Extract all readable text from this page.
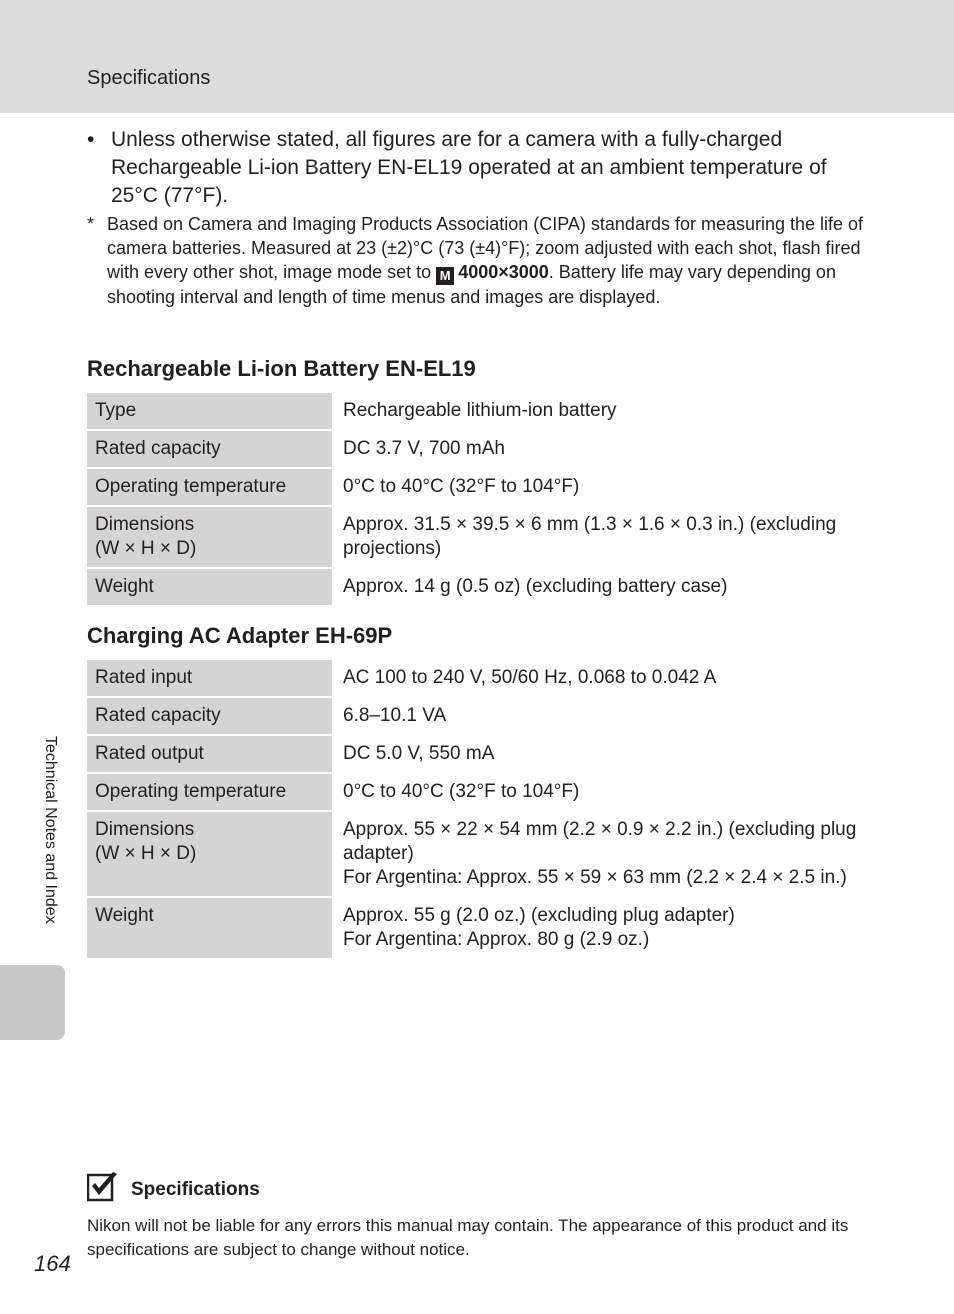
Specifications
• Unless otherwise stated, all figures are for a camera with a fully-charged Rechargeable Li-ion Battery EN-EL19 operated at an ambient temperature of 25°C (77°F).
* Based on Camera and Imaging Products Association (CIPA) standards for measuring the life of camera batteries. Measured at 23 (±2)°C (73 (±4)°F); zoom adjusted with each shot, flash fired with every other shot, image mode set to M 4000×3000. Battery life may vary depending on shooting interval and length of time menus and images are displayed.
Rechargeable Li-ion Battery EN-EL19
Type	Rechargeable lithium-ion battery
Rated capacity	DC 3.7 V, 700 mAh
Operating temperature	0°C to 40°C (32°F to 104°F)
Dimensions
(W × H × D)	Approx. 31.5 × 39.5 × 6 mm (1.3 × 1.6 × 0.3 in.) (excluding projections)
Weight	Approx. 14 g (0.5 oz) (excluding battery case)
Charging AC Adapter EH-69P
Rated input	AC 100 to 240 V, 50/60 Hz, 0.068 to 0.042 A
Rated capacity	6.8–10.1 VA
Rated output	DC 5.0 V, 550 mA
Operating temperature	0°C to 40°C (32°F to 104°F)
Dimensions
(W × H × D)	Approx. 55 × 22 × 54 mm (2.2 × 0.9 × 2.2 in.) (excluding plug adapter)
For Argentina: Approx. 55 × 59 × 63 mm (2.2 × 2.4 × 2.5 in.)
Weight	Approx. 55 g (2.0 oz.) (excluding plug adapter)
For Argentina: Approx. 80 g (2.9 oz.)
Technical Notes and Index
Specifications
Nikon will not be liable for any errors this manual may contain. The appearance of this product and its specifications are subject to change without notice.
164
